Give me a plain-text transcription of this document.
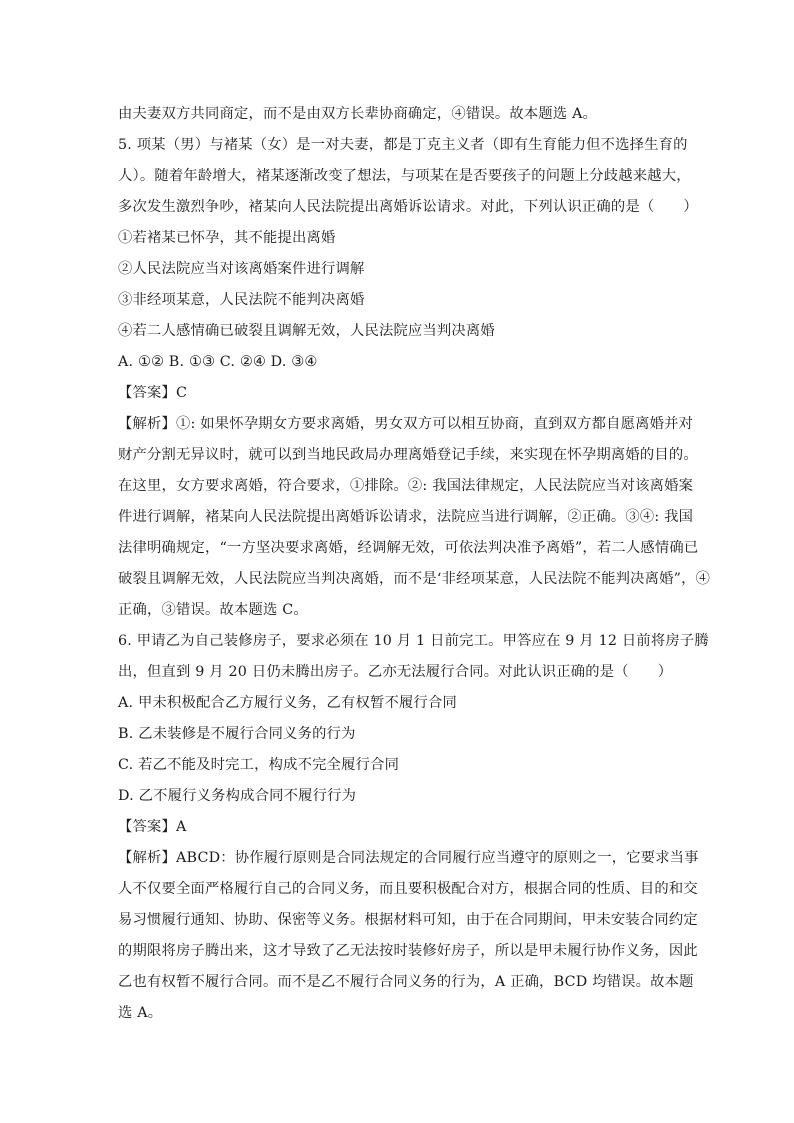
由夫妻双方共同商定，而不是由双方长辈协商确定，④错误。故本题选 A。
5. 项某（男）与褚某（女）是一对夫妻，都是丁克主义者（即有生育能力但不选择生育的
人）。随着年龄增大，褚某逐渐改变了想法，与项某在是否要孩子的问题上分歧越来越大，
多次发生激烈争吵，褚某向人民法院提出离婚诉讼请求。对此，下列认识正确的是（　　）
①若褚某已怀孕，其不能提出离婚
②人民法院应当对该离婚案件进行调解
③非经项某意，人民法院不能判决离婚
④若二人感情确已破裂且调解无效，人民法院应当判决离婚
A. ①② B. ①③ C. ②④ D. ③④
【答案】C
【解析】①: 如果怀孕期女方要求离婚，男女双方可以相互协商，直到双方都自愿离婚并对
财产分割无异议时，就可以到当地民政局办理离婚登记手续，来实现在怀孕期离婚的目的。
在这里，女方要求离婚，符合要求，①排除。②: 我国法律规定，人民法院应当对该离婚案
件进行调解，褚某向人民法院提出离婚诉讼请求，法院应当进行调解，②正确。③④: 我国
法律明确规定，“一方坚决要求离婚，经调解无效，可依法判决准予离婚”，若二人感情确已
破裂且调解无效，人民法院应当判决离婚，而不是‘非经项某意，人民法院不能判决离婚”，④
正确，③错误。故本题选 C。
6. 甲请乙为自己装修房子，要求必须在 10 月 1 日前完工。甲答应在 9 月 12 日前将房子腾
出，但直到 9 月 20 日仍未腾出房子。乙亦无法履行合同。对此认识正确的是（　　）
A. 甲未积极配合乙方履行义务，乙有权暂不履行合同
B. 乙未装修是不履行合同义务的行为
C. 若乙不能及时完工，构成不完全履行合同
D. 乙不履行义务构成合同不履行行为
【答案】A
【解析】ABCD：协作履行原则是合同法规定的合同履行应当遵守的原则之一，它要求当事
人不仅要全面严格履行自己的合同义务，而且要积极配合对方，根据合同的性质、目的和交
易习惯履行通知、协助、保密等义务。根据材料可知，由于在合同期间，甲未安装合同约定
的期限将房子腾出来，这才导致了乙无法按时装修好房子，所以是甲未履行协作义务，因此
乙也有权暂不履行合同。而不是乙不履行合同义务的行为，A 正确，BCD 均错误。故本题
选 A。
